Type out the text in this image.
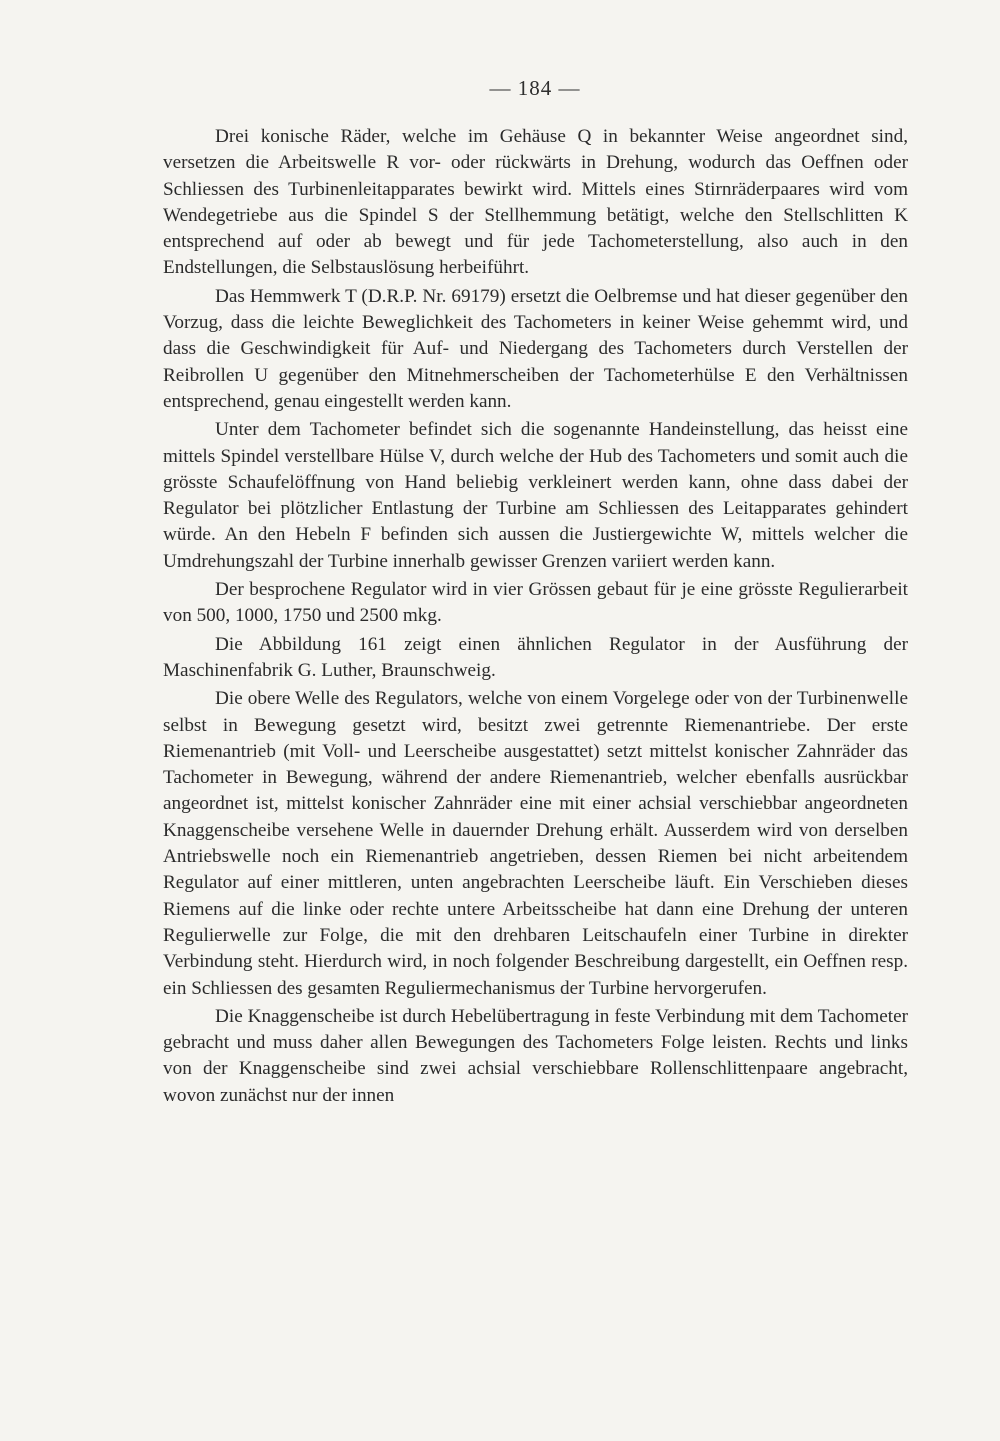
— 184 —

Drei konische Räder, welche im Gehäuse Q in bekannter Weise angeordnet sind, versetzen die Arbeitswelle R vor- oder rückwärts in Drehung, wodurch das Oeffnen oder Schliessen des Turbinenleitapparates bewirkt wird. Mittels eines Stirnräderpaares wird vom Wendegetriebe aus die Spindel S der Stellhemmung betätigt, welche den Stellschlitten K entsprechend auf oder ab bewegt und für jede Tachometerstellung, also auch in den Endstellungen, die Selbstauslösung herbeiführt.

Das Hemmwerk T (D.R.P. Nr. 69179) ersetzt die Oelbremse und hat dieser gegenüber den Vorzug, dass die leichte Beweglichkeit des Tachometers in keiner Weise gehemmt wird, und dass die Geschwindigkeit für Auf- und Niedergang des Tachometers durch Verstellen der Reibrollen U gegenüber den Mitnehmerscheiben der Tachometerhülse E den Verhältnissen entsprechend, genau eingestellt werden kann.

Unter dem Tachometer befindet sich die sogenannte Handeinstellung, das heisst eine mittels Spindel verstellbare Hülse V, durch welche der Hub des Tachometers und somit auch die grösste Schaufelöffnung von Hand beliebig verkleinert werden kann, ohne dass dabei der Regulator bei plötzlicher Entlastung der Turbine am Schliessen des Leitapparates gehindert würde. An den Hebeln F befinden sich aussen die Justiergewichte W, mittels welcher die Umdrehungszahl der Turbine innerhalb gewisser Grenzen variiert werden kann.

Der besprochene Regulator wird in vier Grössen gebaut für je eine grösste Regulierarbeit von 500, 1000, 1750 und 2500 mkg.

Die Abbildung 161 zeigt einen ähnlichen Regulator in der Ausführung der Maschinenfabrik G. Luther, Braunschweig.

Die obere Welle des Regulators, welche von einem Vorgelege oder von der Turbinenwelle selbst in Bewegung gesetzt wird, besitzt zwei getrennte Riemenantriebe. Der erste Riemenantrieb (mit Voll- und Leerscheibe ausgestattet) setzt mittelst konischer Zahnräder das Tachometer in Bewegung, während der andere Riemenantrieb, welcher ebenfalls ausrückbar angeordnet ist, mittelst konischer Zahnräder eine mit einer achsial verschiebbar angeordneten Knaggenscheibe versehene Welle in dauernder Drehung erhält. Ausserdem wird von derselben Antriebswelle noch ein Riemenantrieb angetrieben, dessen Riemen bei nicht arbeitendem Regulator auf einer mittleren, unten angebrachten Leerscheibe läuft. Ein Verschieben dieses Riemens auf die linke oder rechte untere Arbeitsscheibe hat dann eine Drehung der unteren Regulierwelle zur Folge, die mit den drehbaren Leitschaufeln einer Turbine in direkter Verbindung steht. Hierdurch wird, in noch folgender Beschreibung dargestellt, ein Oeffnen resp. ein Schliessen des gesamten Reguliermechanismus der Turbine hervorgerufen.

Die Knaggenscheibe ist durch Hebelübertragung in feste Verbindung mit dem Tachometer gebracht und muss daher allen Bewegungen des Tachometers Folge leisten. Rechts und links von der Knaggenscheibe sind zwei achsial verschiebbare Rollenschlittenpaare angebracht, wovon zunächst nur der innen
